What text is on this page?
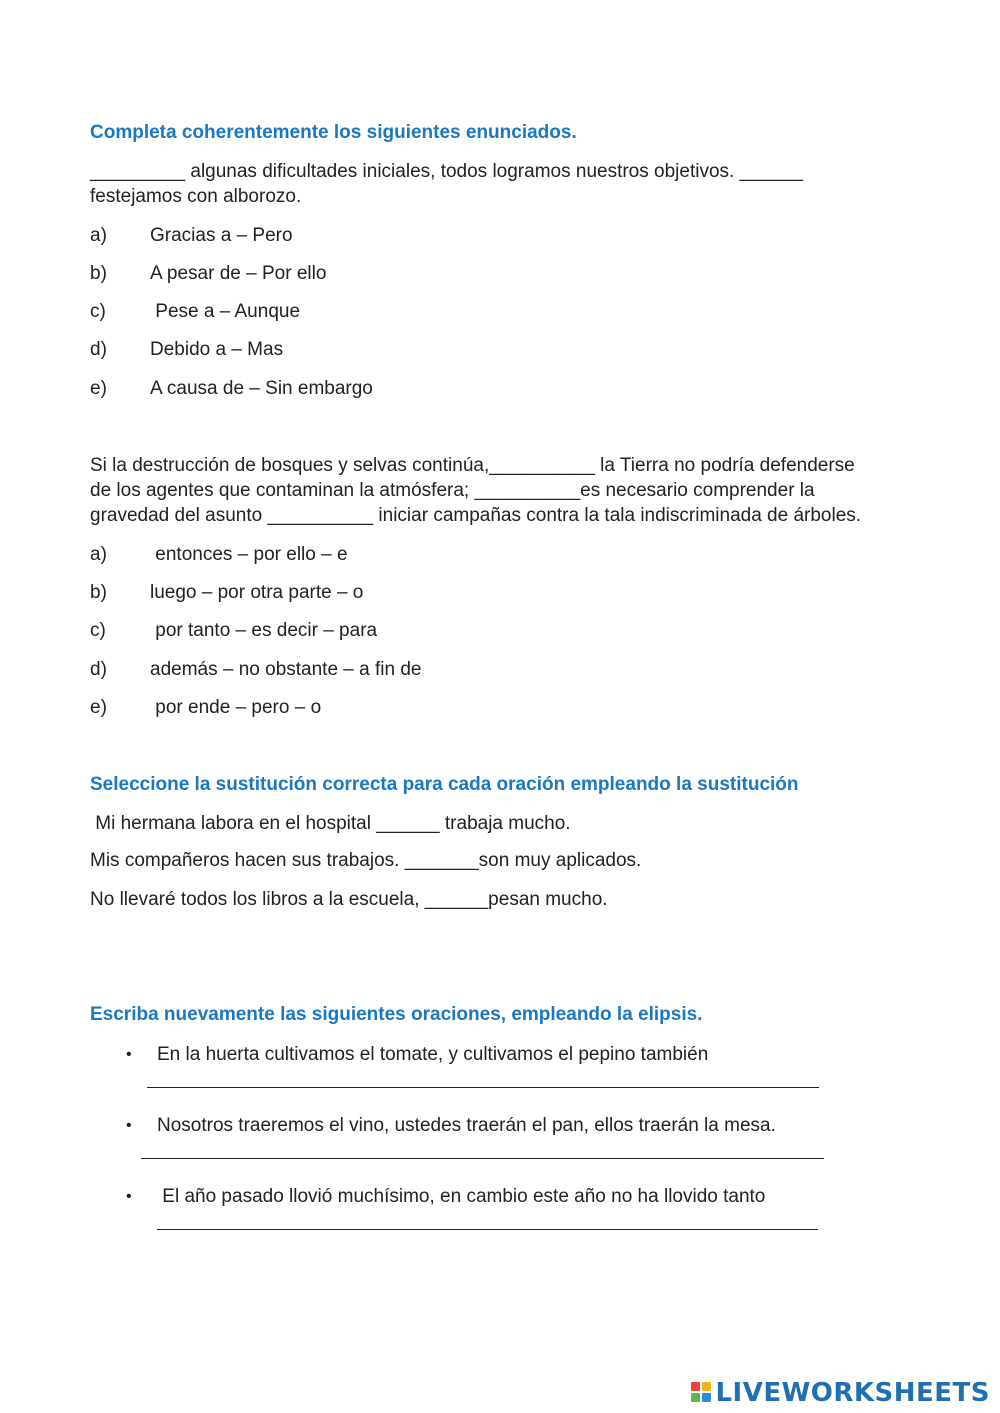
Completa coherentemente los siguientes enunciados.
_________ algunas dificultades iniciales, todos logramos nuestros objetivos. ______
festejamos con alborozo.
a) Gracias a – Pero
b) A pesar de – Por ello
c) Pese a – Aunque
d) Debido a – Mas
e) A causa de – Sin embargo
Si la destrucción de bosques y selvas continúa,__________ la Tierra no podría defenderse
de los agentes que contaminan la atmósfera; __________es necesario comprender la
gravedad del asunto __________ iniciar campañas contra la tala indiscriminada de árboles.
a) entonces – por ello – e
b) luego – por otra parte – o
c) por tanto – es decir – para
d) además – no obstante – a fin de
e) por ende – pero – o
Seleccione la sustitución correcta para cada oración empleando la sustitución
Mi hermana labora en el hospital ______ trabaja mucho.
Mis compañeros hacen sus trabajos. _______son muy aplicados.
No llevaré todos los libros a la escuela, ______pesan mucho.
Escriba nuevamente las siguientes oraciones, empleando la elipsis.
• En la huerta cultivamos el tomate, y cultivamos el pepino también
• Nosotros traeremos el vino, ustedes traerán el pan, ellos traerán la mesa.
• El año pasado llovió muchísimo, en cambio este año no ha llovido tanto
LIVEWORKSHEETS
